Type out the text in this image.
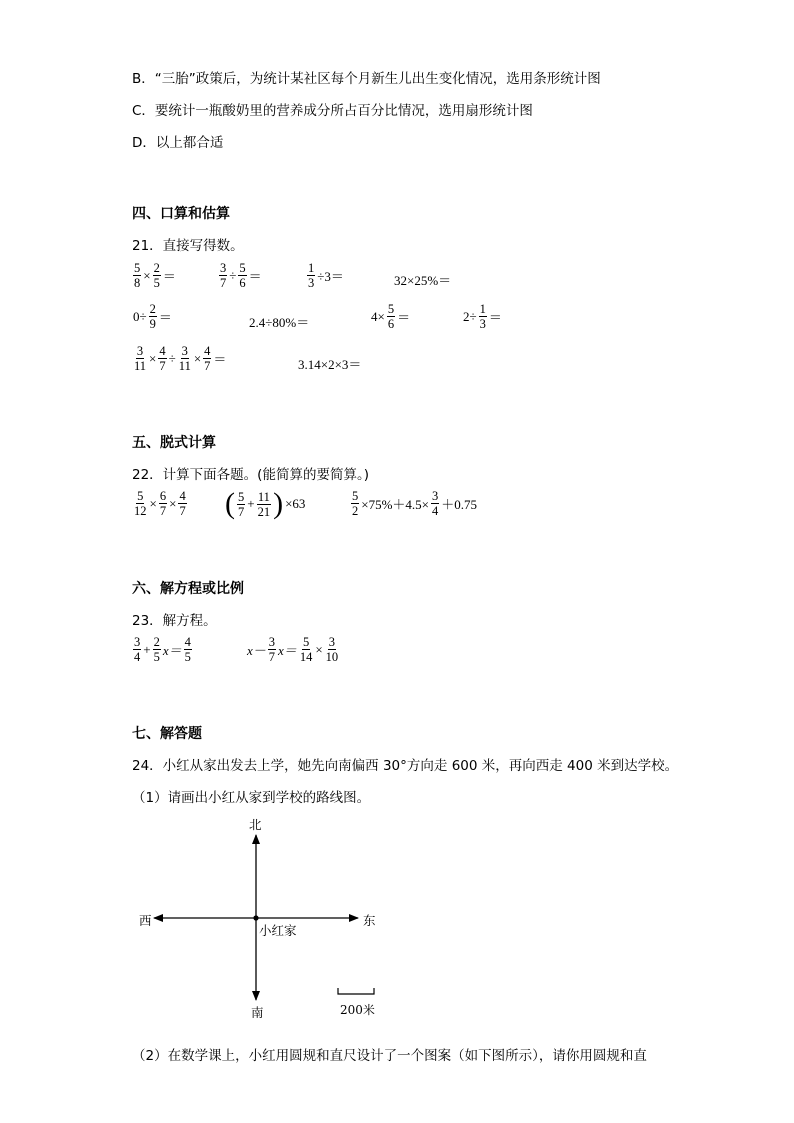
B．“三胎”政策后，为统计某社区每个月新生儿出生变化情况，选用条形统计图
C．要统计一瓶酸奶里的营养成分所占百分比情况，选用扇形统计图
D．以上都合适
四、口算和估算
21．直接写得数。
$\frac{5}{8} \times \frac{2}{5}$ ＝	$\frac{3}{7} \div \frac{5}{6}$ ＝	$\frac{1}{3} \div 3=$	32×25%＝
$0\div \frac{2}{9}$ ＝	2.4÷80%＝	$4\times \frac{5}{6}$ ＝	$2\div \frac{1}{3}$ ＝
$\frac{3}{11} \times \frac{4}{7} \div \frac{3}{11} \times \frac{4}{7}$ ＝	3.14×2×3＝
五、脱式计算
22．计算下面各题。(能简算的要简算。)
$\frac{5}{12} \times \frac{6}{7} \times \frac{4}{7}$ ( $\frac{5}{7} + \frac{11}{21}$ ) ×63	$\frac{5}{2} \times 75\%+4.5\times \frac{3}{4} +0.75$
六、解方程或比例
23．解方程。
$\frac{3}{4} + \frac{2}{5} x= \frac{4}{5}$	$x- \frac{3}{7} x= \frac{5}{14} \times \frac{3}{10}$
七、解答题
24．小红从家出发去上学，她先向南偏西 30°方向走 600 米，再向西走 400 米到达学校。
（1）请画出小红从家到学校的路线图。
北
南
东
西
小红家
200米
（2）在数学课上，小红用圆规和直尺设计了一个图案（如下图所示），请你用圆规和直
